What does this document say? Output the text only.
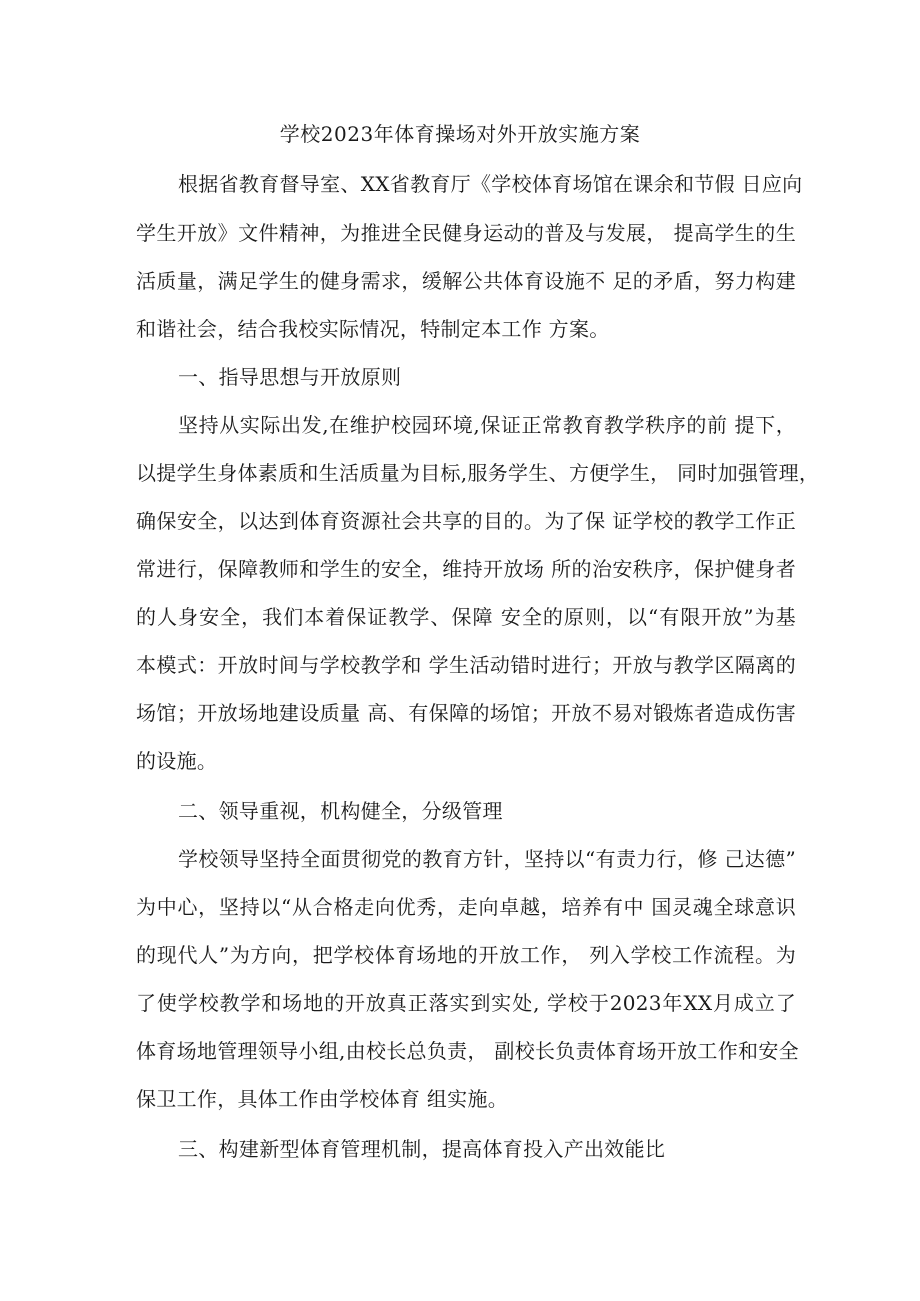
学校2023年体育操场对外开放实施方案
根据省教育督导室、XX省教育厅《学校体育场馆在课余和节假 日应向
学生开放》文件精神，为推进全民健身运动的普及与发展， 提高学生的生
活质量，满足学生的健身需求，缓解公共体育设施不 足的矛盾，努力构建
和谐社会，结合我校实际情况，特制定本工作 方案。
一、指导思想与开放原则
坚持从实际出发,在维护校园环境,保证正常教育教学秩序的前 提下，
以提学生身体素质和生活质量为目标,服务学生、方便学生， 同时加强管理，
确保安全，以达到体育资源社会共享的目的。为了保 证学校的教学工作正
常进行，保障教师和学生的安全，维持开放场 所的治安秩序，保护健身者
的人身安全，我们本着保证教学、保障 安全的原则，以“有限开放”为基
本模式：开放时间与学校教学和 学生活动错时进行；开放与教学区隔离的
场馆；开放场地建设质量 高、有保障的场馆；开放不易对锻炼者造成伤害
的设施。
二、领导重视，机构健全，分级管理
学校领导坚持全面贯彻党的教育方针，坚持以“有责力行，修 己达德”
为中心，坚持以“从合格走向优秀，走向卓越，培养有中 国灵魂全球意识
的现代人”为方向，把学校体育场地的开放工作， 列入学校工作流程。为
了使学校教学和场地的开放真正落实到实处, 学校于2023年XX月成立了
体育场地管理领导小组,由校长总负责， 副校长负责体育场开放工作和安全
保卫工作，具体工作由学校体育 组实施。
三、构建新型体育管理机制，提高体育投入产出效能比
